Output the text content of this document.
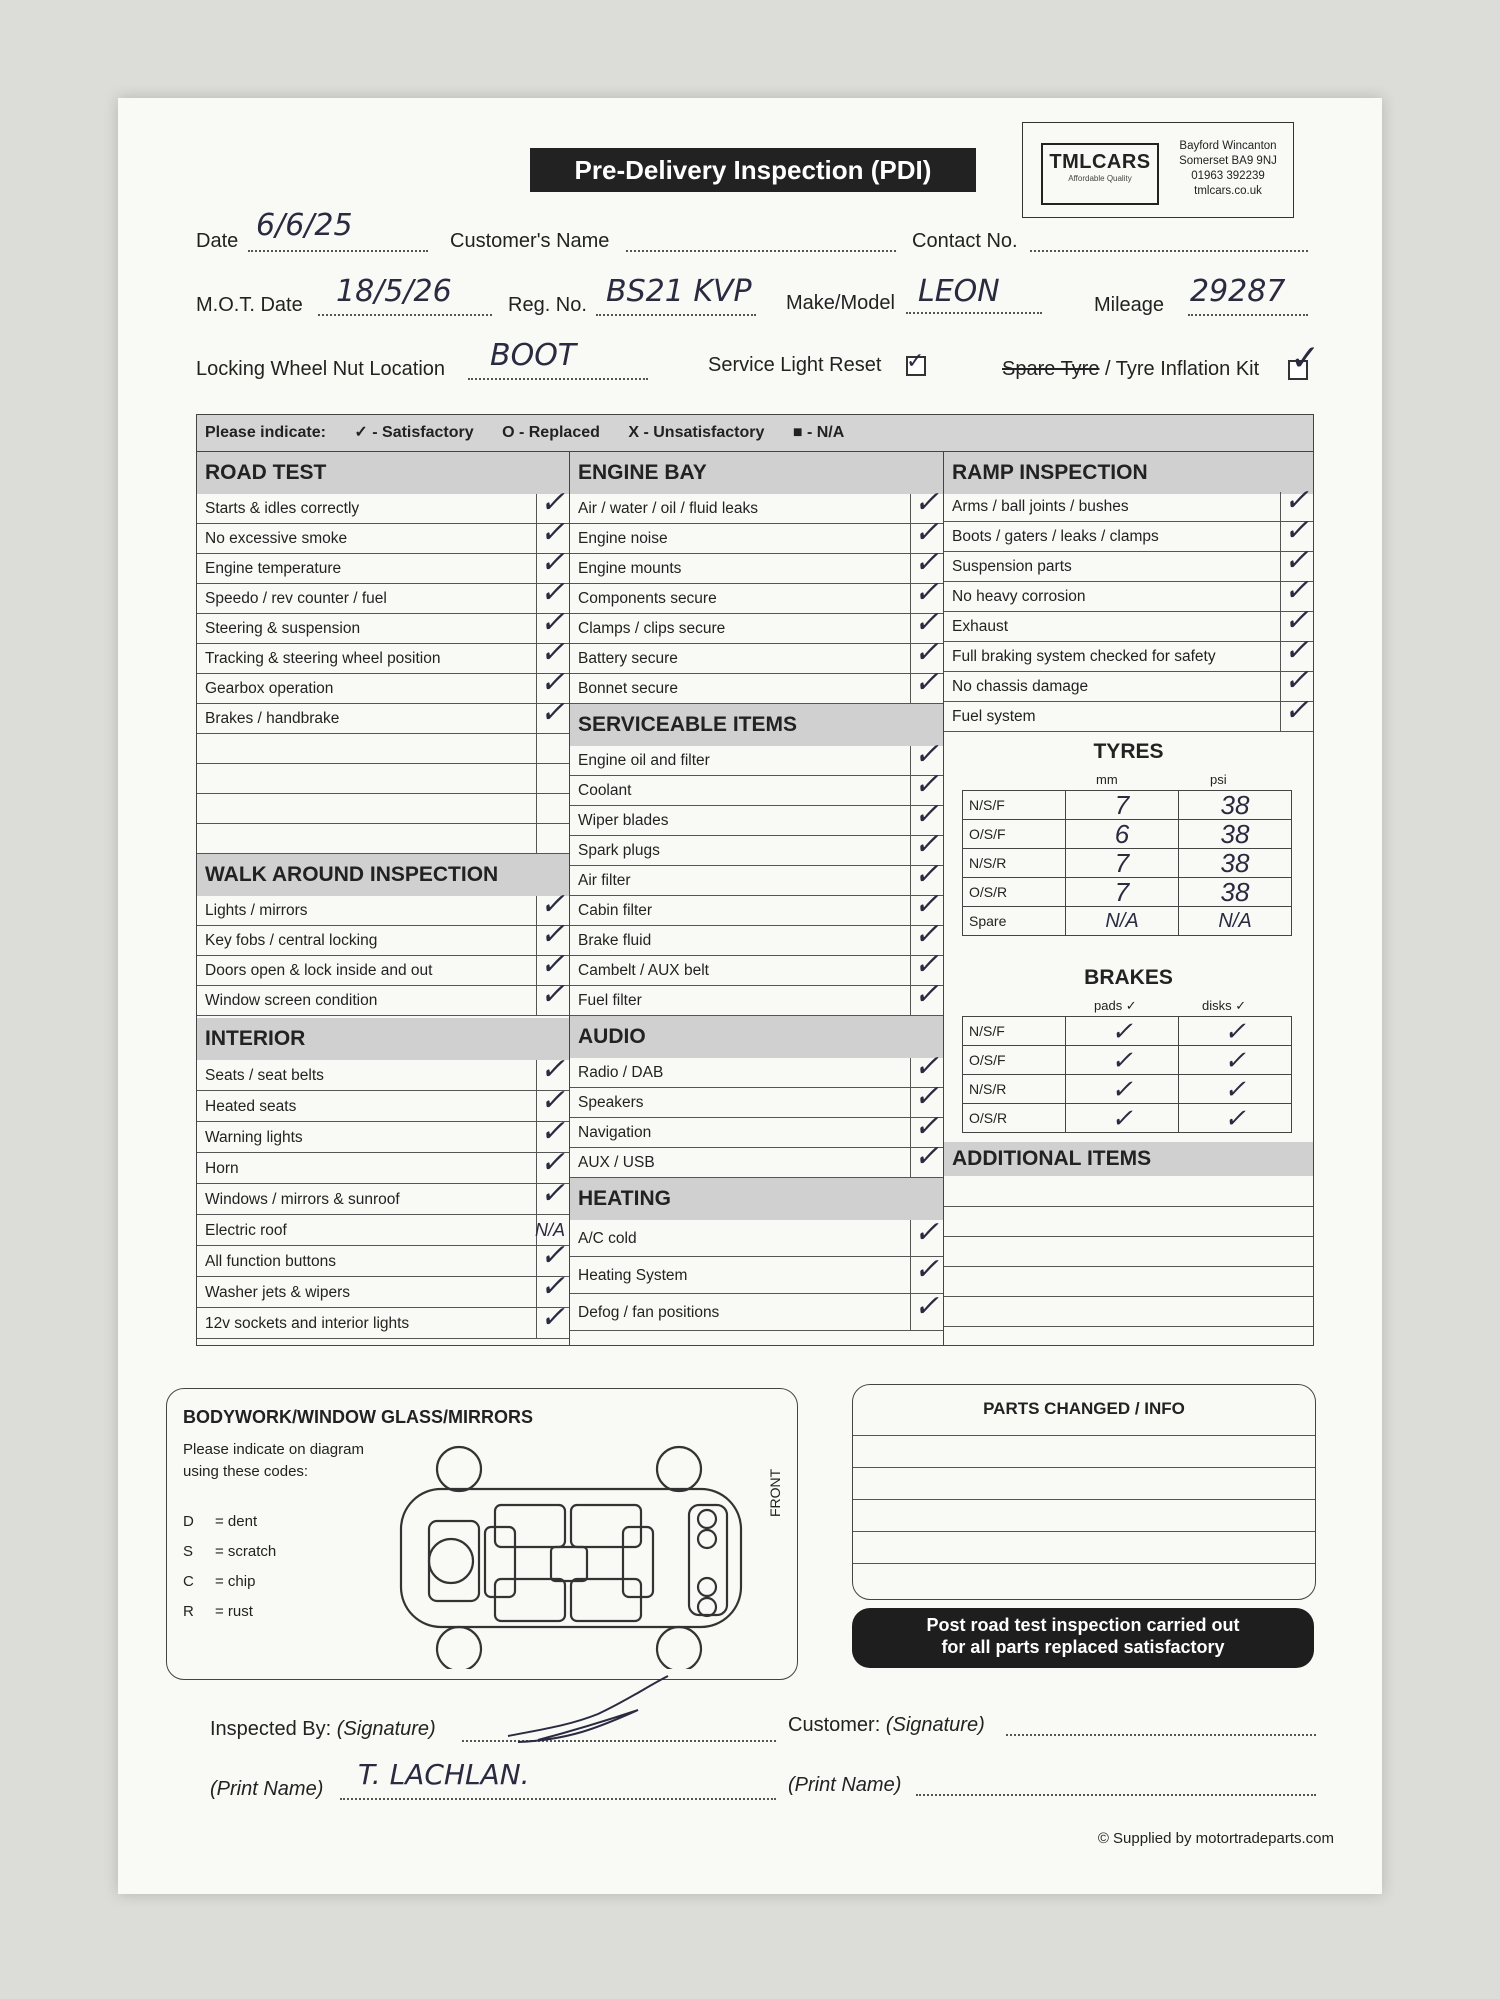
Pre-Delivery Inspection (PDI)	TMLCARS
Affordable Quality
Bayford Wincanton
Somerset BA9 9NJ
01963 392239
tmlcars.co.uk
Date 6/6/25	Customer's Name	Contact No.
M.O.T. Date 18/5/26	Reg. No. BS21 KVP Make/Model LEON	Mileage 29287
Locking Wheel Nut Location BOOT	Service Light Reset ✓	Spare Tyre / Tyre Inflation Kit ✓
Please indicate: ✓ - Satisfactory O - Replaced X - Unsatisfactory ■ - N/A
ROAD TEST
Starts & idles correctly	✓
No excessive smoke	✓
Engine temperature	✓
Speedo / rev counter / fuel	✓
Steering & suspension	✓
Tracking & steering wheel position	✓
Gearbox operation	✓
Brakes / handbrake	✓
WALK AROUND INSPECTION
Lights / mirrors	✓
Key fobs / central locking	✓
Doors open & lock inside and out	✓
Window screen condition	✓
INTERIOR
Seats / seat belts	✓
Heated seats	✓
Warning lights	✓
Horn	✓
Windows / mirrors & sunroof	✓
Electric roof	N/A
All function buttons	✓
Washer jets & wipers	✓
12v sockets and interior lights	✓
ENGINE BAY
Air / water / oil / fluid leaks	✓
Engine noise	✓
Engine mounts	✓
Components secure	✓
Clamps / clips secure	✓
Battery secure	✓
Bonnet secure	✓
SERVICEABLE ITEMS
Engine oil and filter	✓
Coolant	✓
Wiper blades	✓
Spark plugs	✓
Air filter	✓
Cabin filter	✓
Brake fluid	✓
Cambelt / AUX belt	✓
Fuel filter	✓
AUDIO
Radio / DAB	✓
Speakers	✓
Navigation	✓
AUX / USB	✓
HEATING
A/C cold	✓
Heating System	✓
Defog / fan positions	✓
RAMP INSPECTION
Arms / ball joints / bushes	✓
Boots / gaters / leaks / clamps	✓
Suspension parts	✓
No heavy corrosion	✓
Exhaust	✓
Full braking system checked for safety ✓
No chassis damage	✓
Fuel system	✓
TYRES
mm	psi
N/S/F	7	38
O/S/F	6	38
N/S/R	7	38
O/S/R	7	38
Spare	N/A	N/A
BRAKES
pads ✓	disks ✓
N/S/F	✓	✓
O/S/F	✓	✓
N/S/R	✓	✓
O/S/R	✓	✓
ADDITIONAL ITEMS
BODYWORK/WINDOW GLASS/MIRRORS
Please indicate on diagram
using these codes:
D = dent
S = scratch
C = chip
R = rust
FRONT
PARTS CHANGED / INFO
Post road test inspection carried out
for all parts replaced satisfactory
Inspected By: (Signature)	Customer: (Signature)
(Print Name) T. LACHLAN.	(Print Name)
© Supplied by motortradeparts.com
